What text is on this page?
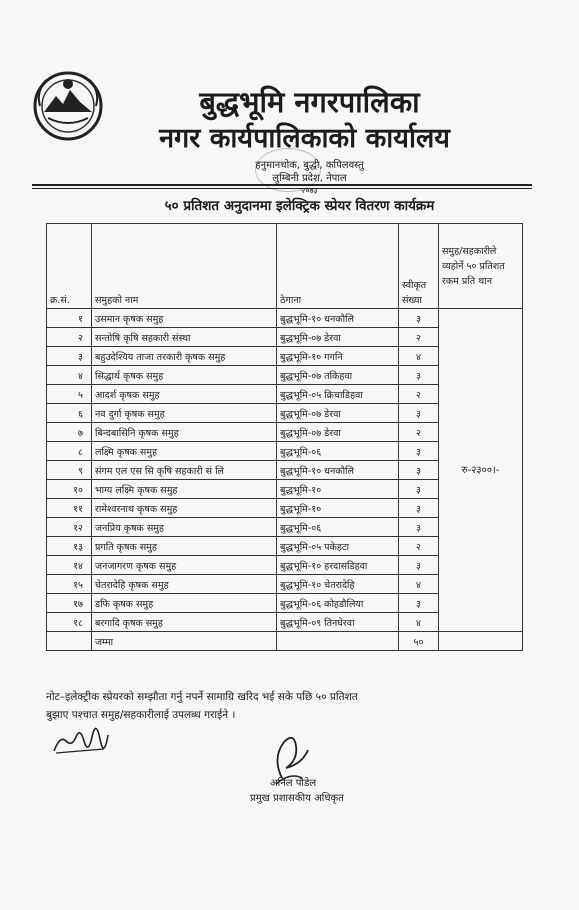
बुद्धभूमि नगरपालिका
नगर कार्यपालिकाको कार्यालय
हनुमानचोक, बुद्धी, कपिलवस्तु
लुम्बिनी प्रदेश, नेपाल
२०७३
५० प्रतिशत अनुदानमा इलेक्ट्रिक स्प्रेयर वितरण कार्यक्रम
क्र.सं.	समुहको नाम	ठेगाना	स्वीकृत संख्या	समुह/सहकारीले व्यहोर्ने ५० प्रतिशत रकम प्रति थान
१	उसमान कृषक समुह	बुद्धभूमि-१० धनकौलि	३	रु-२३००।-
२	सन्तोषि कृषि सहकारी संस्था	बुद्धभूमि-०७ डेरवा	२	
३	बहुउदेश्यिय ताजा तरकारी कृषक समुह	बुद्धभूमि-१० गगनि	४	
४	सिद्धार्थ कृषक समुह	बुद्धभूमि-०७ तकिहवा	३	
५	आदर्श कृषक समुह	बुद्धभूमि-०५ क्रिचाडिहवा	२	
६	नव दुर्गा कृषक समुह	बुद्धभूमि-०७ डेरवा	३	
७	बिन्दबासिनि कृषक समुह	बुद्धभूमि-०७ डेरवा	२	
८	लक्ष्मि कृषक समुह	बुद्धभूमि-०६	३	
९	संगम एल एस सि कृषि सहकारी सं लि	बुद्धभूमि-१० धनकौलि	३	
१०	भाग्य लक्ष्मि कृषक समुह	बुद्धभूमि-१०	३	
११	रामेश्वरनाथ कृषक समुह	बुद्धभूमि-१०	३	
१२	जनप्रिय कृषक समुह	बुद्धभूमि-०६	३	
१३	प्रगति कृषक समुह	बुद्धभूमि-०५ पकेहटा	२	
१४	जनजागरण कृषक समुह	बुद्धभूमि-१० हरदासडिहवा	३	
१५	चेतरादेहि कृषक समुह	बुद्धभूमि-१० चेतरादेहि	४	
१७	डफि कृषक समुह	बुद्धभूमि-०६ कोहडौलिया	३	
१८	बरगादि कृषक समुह	बुद्धभूमि-०९ तिनघेरवा	४	
	जम्मा		५०	
नोट–इलेक्ट्रीक स्प्रेयरको सम्झौता गर्नु नपर्ने सामाग्रि खरिद भई सके पछि ५० प्रतिशत
बुझाए पश्चात समुह/सहकारीलाई उपलब्ध गराईने ।
अनिल पौडेल
प्रमुख प्रशासकीय अधिकृत
